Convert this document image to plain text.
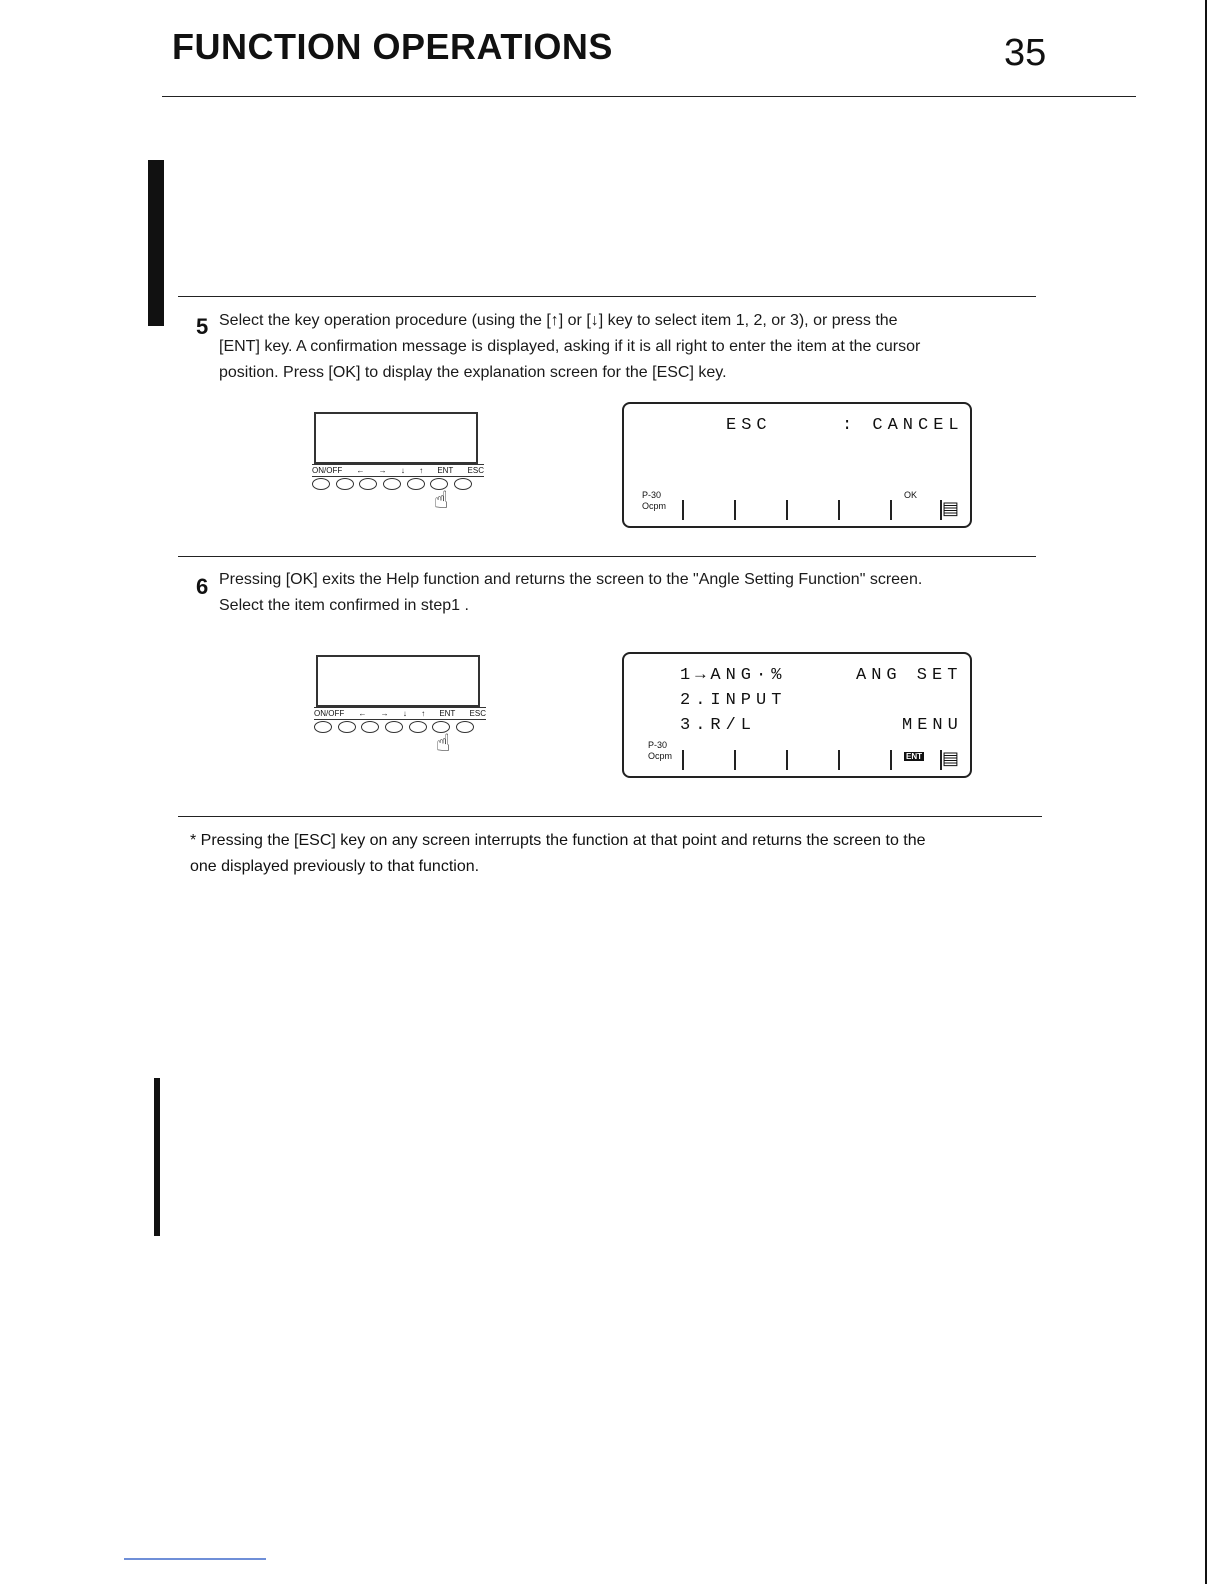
FUNCTION OPERATIONS	35
5 Select the key operation procedure (using the [↑] or [↓] key to select item 1, 2, or 3), or press the
[ENT] key. A confirmation message is displayed, asking if it is all right to enter the item at the cursor
position. Press [OK] to display the explanation screen for the [ESC] key.
ON/OFF ← → ↓ ↑ ENT ESC
☝
ESC	: CANCEL
P-30
Ocpm
OK
▤
6 Pressing [OK] exits the Help function and returns the screen to the "Angle Setting Function" screen.
Select the item confirmed in step1 .
ON/OFF ← → ↓ ↑ ENT ESC
☝
1→ANG·%	ANG SET
2.INPUT
3.R/L	MENU
P-30
Ocpm	ENT ▤
* Pressing the [ESC] key on any screen interrupts the function at that point and returns the screen to the
one displayed previously to that function.
